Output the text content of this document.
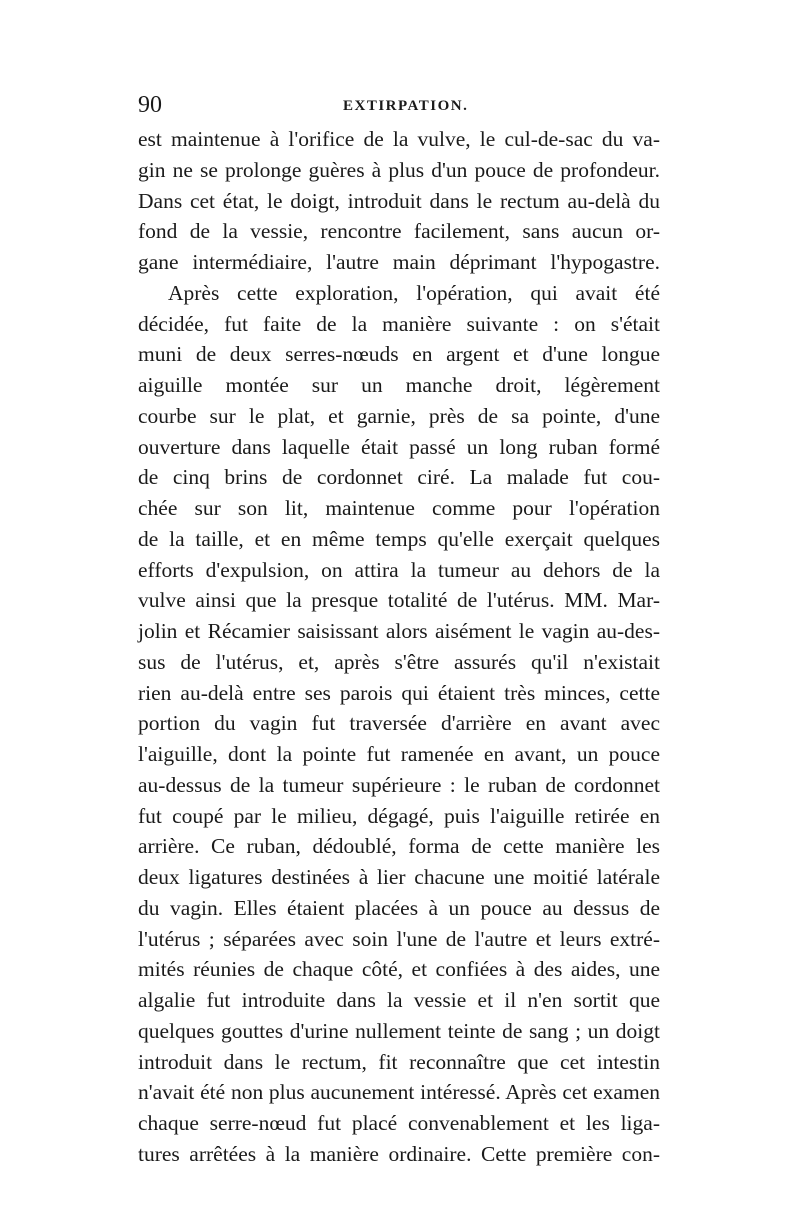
90	EXTIRPATION.
est maintenue à l'orifice de la vulve, le cul-de-sac du va-
gin ne se prolonge guères à plus d'un pouce de profondeur.
Dans cet état, le doigt, introduit dans le rectum au-delà du
fond de la vessie, rencontre facilement, sans aucun or-
gane intermédiaire, l'autre main déprimant l'hypogastre.
Après cette exploration, l'opération, qui avait été
décidée, fut faite de la manière suivante : on s'était
muni de deux serres-nœuds en argent et d'une longue
aiguille montée sur un manche droit, légèrement
courbe sur le plat, et garnie, près de sa pointe, d'une
ouverture dans laquelle était passé un long ruban formé
de cinq brins de cordonnet ciré. La malade fut cou-
chée sur son lit, maintenue comme pour l'opération
de la taille, et en même temps qu'elle exerçait quelques
efforts d'expulsion, on attira la tumeur au dehors de la
vulve ainsi que la presque totalité de l'utérus. MM. Mar-
jolin et Récamier saisissant alors aisément le vagin au-des-
sus de l'utérus, et, après s'être assurés qu'il n'existait
rien au-delà entre ses parois qui étaient très minces, cette
portion du vagin fut traversée d'arrière en avant avec
l'aiguille, dont la pointe fut ramenée en avant, un pouce
au-dessus de la tumeur supérieure : le ruban de cordonnet
fut coupé par le milieu, dégagé, puis l'aiguille retirée en
arrière. Ce ruban, dédoublé, forma de cette manière les
deux ligatures destinées à lier chacune une moitié latérale
du vagin. Elles étaient placées à un pouce au dessus de
l'utérus ; séparées avec soin l'une de l'autre et leurs extré-
mités réunies de chaque côté, et confiées à des aides, une
algalie fut introduite dans la vessie et il n'en sortit que
quelques gouttes d'urine nullement teinte de sang ; un doigt
introduit dans le rectum, fit reconnaître que cet intestin
n'avait été non plus aucunement intéressé. Après cet examen
chaque serre-nœud fut placé convenablement et les liga-
tures arrêtées à la manière ordinaire. Cette première con-
